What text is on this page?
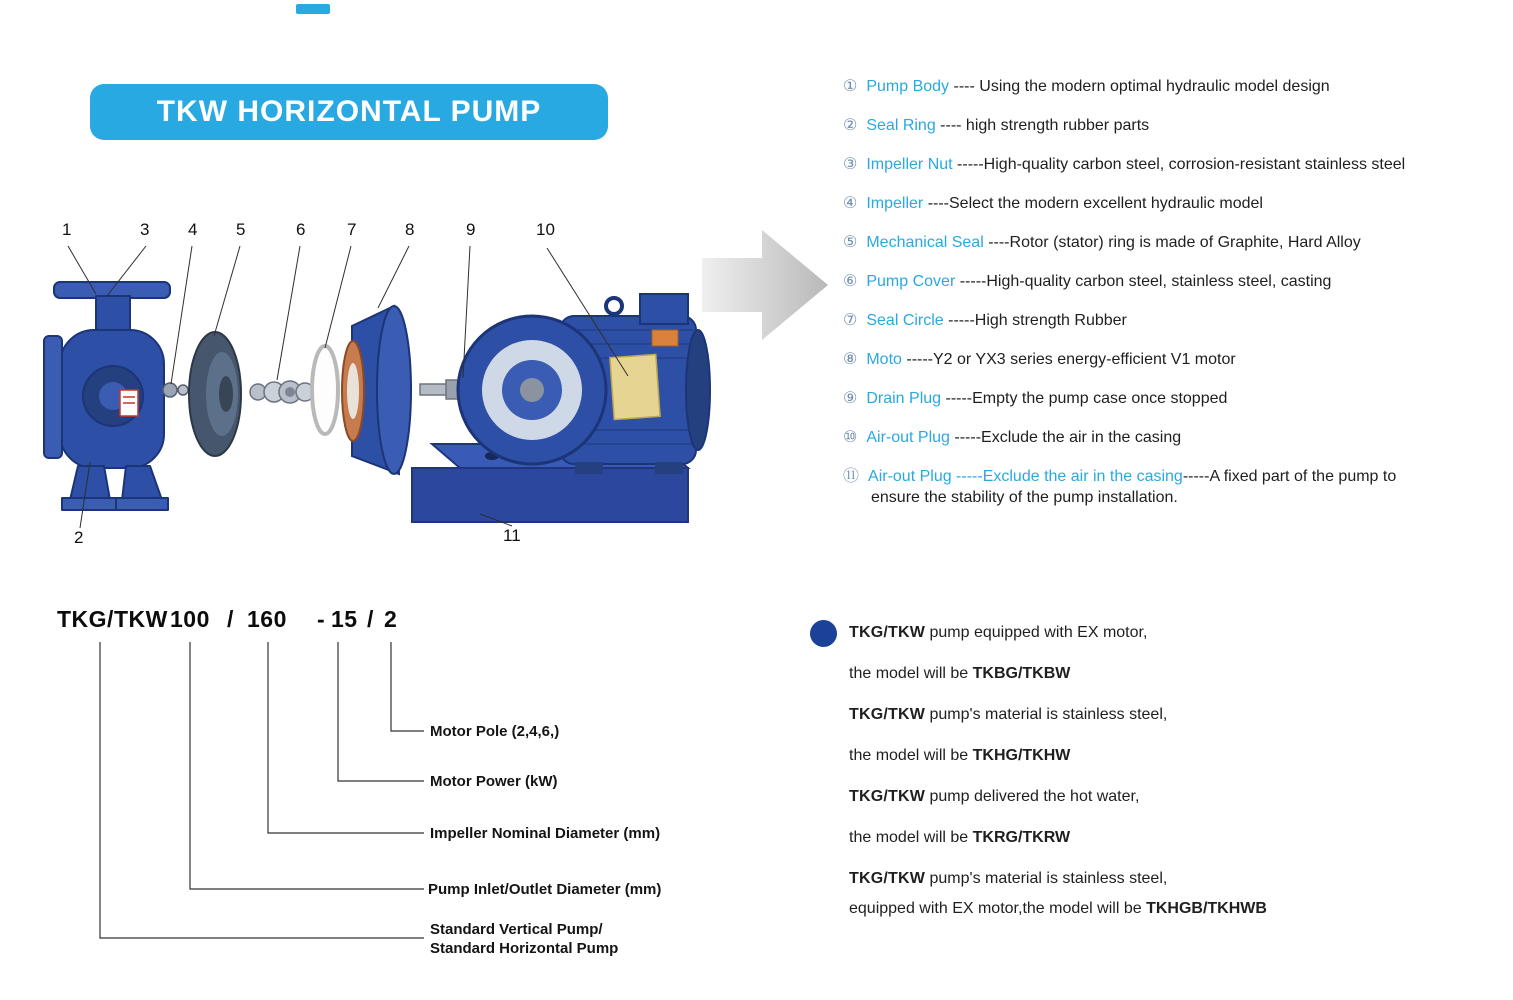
TKW HORIZONTAL PUMP
1	3 4 5	6 7	8	9	10
2	11
① Pump Body ---- Using the modern optimal hydraulic model design
② Seal Ring ---- high strength rubber parts
③ Impeller Nut -----High-quality carbon steel, corrosion-resistant stainless steel
④ Impeller ----Select the modern excellent hydraulic model
⑤ Mechanical Seal ----Rotor (stator) ring is made of Graphite, Hard Alloy
⑥ Pump Cover -----High-quality carbon steel, stainless steel, casting
⑦ Seal Circle -----High strength Rubber
⑧ Moto -----Y2 or YX3 series energy-efficient V1 motor
⑨ Drain Plug -----Empty the pump case once stopped
⑩ Air-out Plug -----Exclude the air in the casing
⑪ Air-out Plug -----Exclude the air in the casing-----A fixed part of the pump to
ensure the stability of the pump installation.
TKG/TKW 100 / 160 - 15 / 2
Motor Pole (2,4,6,)
Motor Power (kW)
Impeller Nominal Diameter (mm)
Pump Inlet/Outlet Diameter (mm)
Standard Vertical Pump/
Standard Horizontal Pump
TKG/TKW pump equipped with EX motor,
the model will be TKBG/TKBW
TKG/TKW pump's material is stainless steel,
the model will be TKHG/TKHW
TKG/TKW pump delivered the hot water,
the model will be TKRG/TKRW
TKG/TKW pump's material is stainless steel,
equipped with EX motor,the model will be TKHGB/TKHWB
